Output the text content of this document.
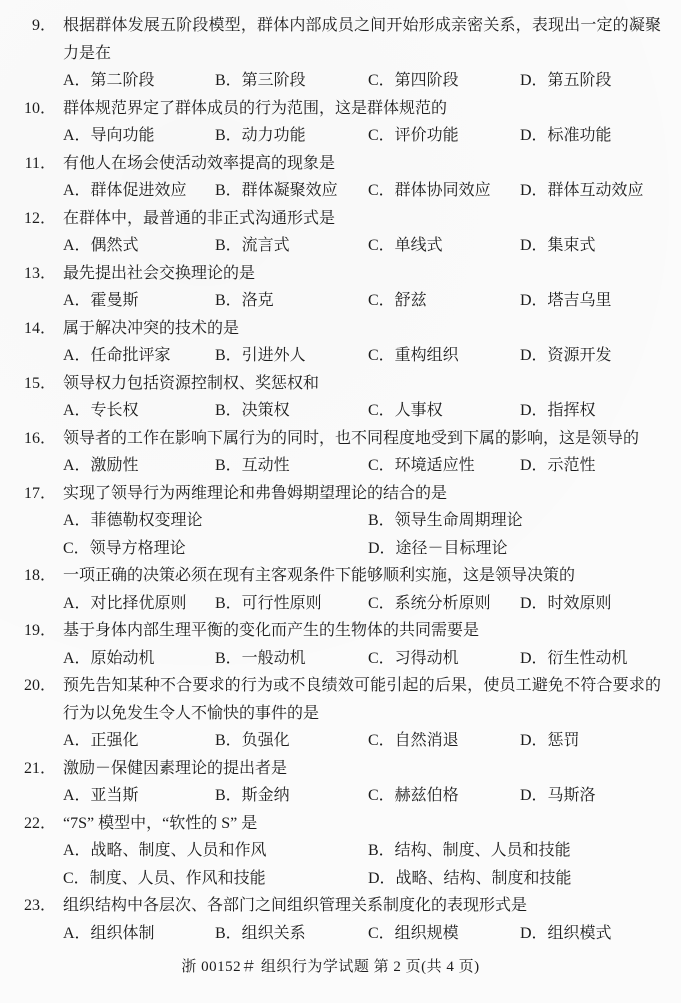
9． 根据群体发展五阶段模型，群体内部成员之间开始形成亲密关系，表现出一定的凝聚力是在
A．第二阶段	B．第三阶段	C．第四阶段	D．第五阶段
10． 群体规范界定了群体成员的行为范围，这是群体规范的
A．导向功能	B．动力功能	C．评价功能	D．标准功能
11． 有他人在场会使活动效率提高的现象是
A．群体促进效应	B．群体凝聚效应	C．群体协同效应	D．群体互动效应
12． 在群体中，最普通的非正式沟通形式是
A．偶然式	B．流言式	C．单线式	D．集束式
13． 最先提出社会交换理论的是
A．霍曼斯	B．洛克	C．舒兹	D．塔吉乌里
14． 属于解决冲突的技术的是
A．任命批评家	B．引进外人	C．重构组织	D．资源开发
15． 领导权力包括资源控制权、奖惩权和
A．专长权	B．决策权	C．人事权	D．指挥权
16． 领导者的工作在影响下属行为的同时，也不同程度地受到下属的影响，这是领导的
A．激励性	B．互动性	C．环境适应性	D．示范性
17． 实现了领导行为两维理论和弗鲁姆期望理论的结合的是
A．菲德勒权变理论	B．领导生命周期理论
C．领导方格理论	D．途径－目标理论
18． 一项正确的决策必须在现有主客观条件下能够顺利实施，这是领导决策的
A．对比择优原则	B．可行性原则	C．系统分析原则	D．时效原则
19． 基于身体内部生理平衡的变化而产生的生物体的共同需要是
A．原始动机	B．一般动机	C．习得动机	D．衍生性动机
20． 预先告知某种不合要求的行为或不良绩效可能引起的后果，使员工避免不符合要求的行为以免发生令人不愉快的事件的是
A．正强化	B．负强化	C．自然消退	D．惩罚
21． 激励－保健因素理论的提出者是
A．亚当斯	B．斯金纳	C．赫兹伯格	D．马斯洛
22． “7S” 模型中，“软性的 S” 是
A．战略、制度、人员和作风	B．结构、制度、人员和技能
C．制度、人员、作风和技能	D．战略、结构、制度和技能
23． 组织结构中各层次、各部门之间组织管理关系制度化的表现形式是
A．组织体制	B．组织关系	C．组织规模	D．组织模式
浙 00152＃ 组织行为学试题 第 2 页(共 4 页)
